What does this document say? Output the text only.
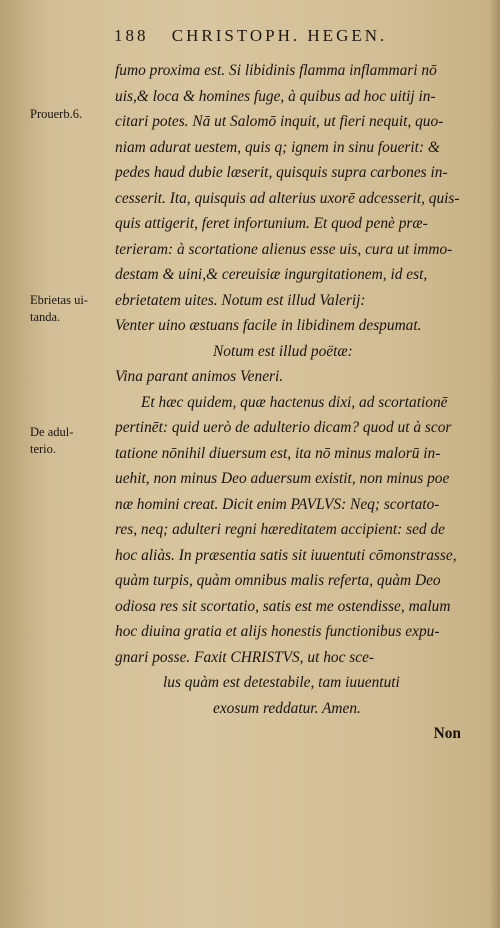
188 CHRISTOPH. HEGEN.
Prouerb.6.
Ebrietas ui-
tanda.
De adul-
terio.
fumo proxima est. Si libidinis flamma inflammari nō
uis,& loca & homines fuge, à quibus ad hoc uitij in-
citari potes. Nā ut Salomō inquit, ut fieri nequit, quo-
niam adurat uestem, quis q; ignem in sinu fouerit: &
pedes haud dubie læserit, quisquis supra carbones in-
cesserit. Ita, quisquis ad alterius uxorē adcesserit, quis-
quis attigerit, feret infortunium. Et quod penè præ-
terieram: à scortatione alienus esse uis, cura ut immo-
destam & uini,& cereuisiæ ingurgitationem, id est,
ebrietatem uites. Notum est illud Valerij:
Venter uino æstuans facile in libidinem despumat.
Notum est illud poëtæ:
Vina parant animos Veneri.
Et hæc quidem, quæ hactenus dixi, ad scortationē
pertinēt: quid uerò de adulterio dicam? quod ut à scor
tatione nōnihil diuersum est, ita nō minus malorū in-
uehit, non minus Deo aduersum existit, non minus poe
næ homini creat. Dicit enim PAVLVS: Neq; scortato-
res, neq; adulteri regni hæreditatem accipient: sed de
hoc aliàs. In præsentia satis sit iuuentuti cōmonstrasse,
quàm turpis, quàm omnibus malis referta, quàm Deo
odiosa res sit scortatio, satis est me ostendisse, malum
hoc diuina gratia et alijs honestis functionibus expu-
gnari posse. Faxit CHRISTVS, ut hoc sce-
lus quàm est detestabile, tam iuuentuti
exosum reddatur. Amen.
Non
